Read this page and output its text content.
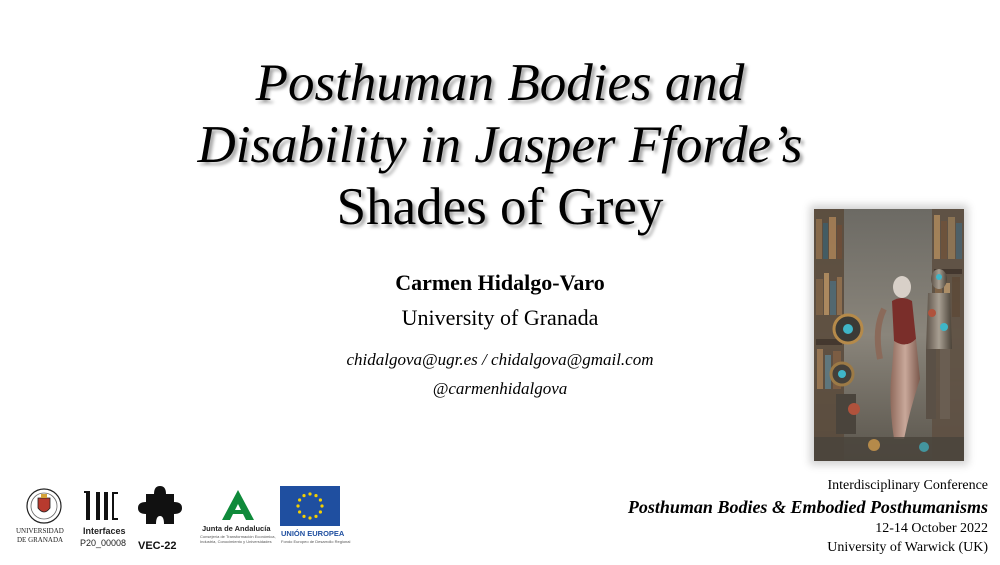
Posthuman Bodies and
Disability in Jasper Fforde’s
Shades of Grey
Carmen Hidalgo-Varo
University of Granada
chidalgova@ugr.es / chidalgova@gmail.com
@carmenhidalgova
Interdisciplinary Conference
Posthuman Bodies & Embodied Posthumanisms
12-14 October 2022
University of Warwick (UK)
UNIVERSIDAD
DE GRANADA
Interfaces
P20_00008 VEC-22
Junta de Andalucía
Consejería de Transformación Económica, Industria, Conocimiento y Universidades
UNIÓN EUROPEA
Fondo Europeo de Desarrollo Regional
